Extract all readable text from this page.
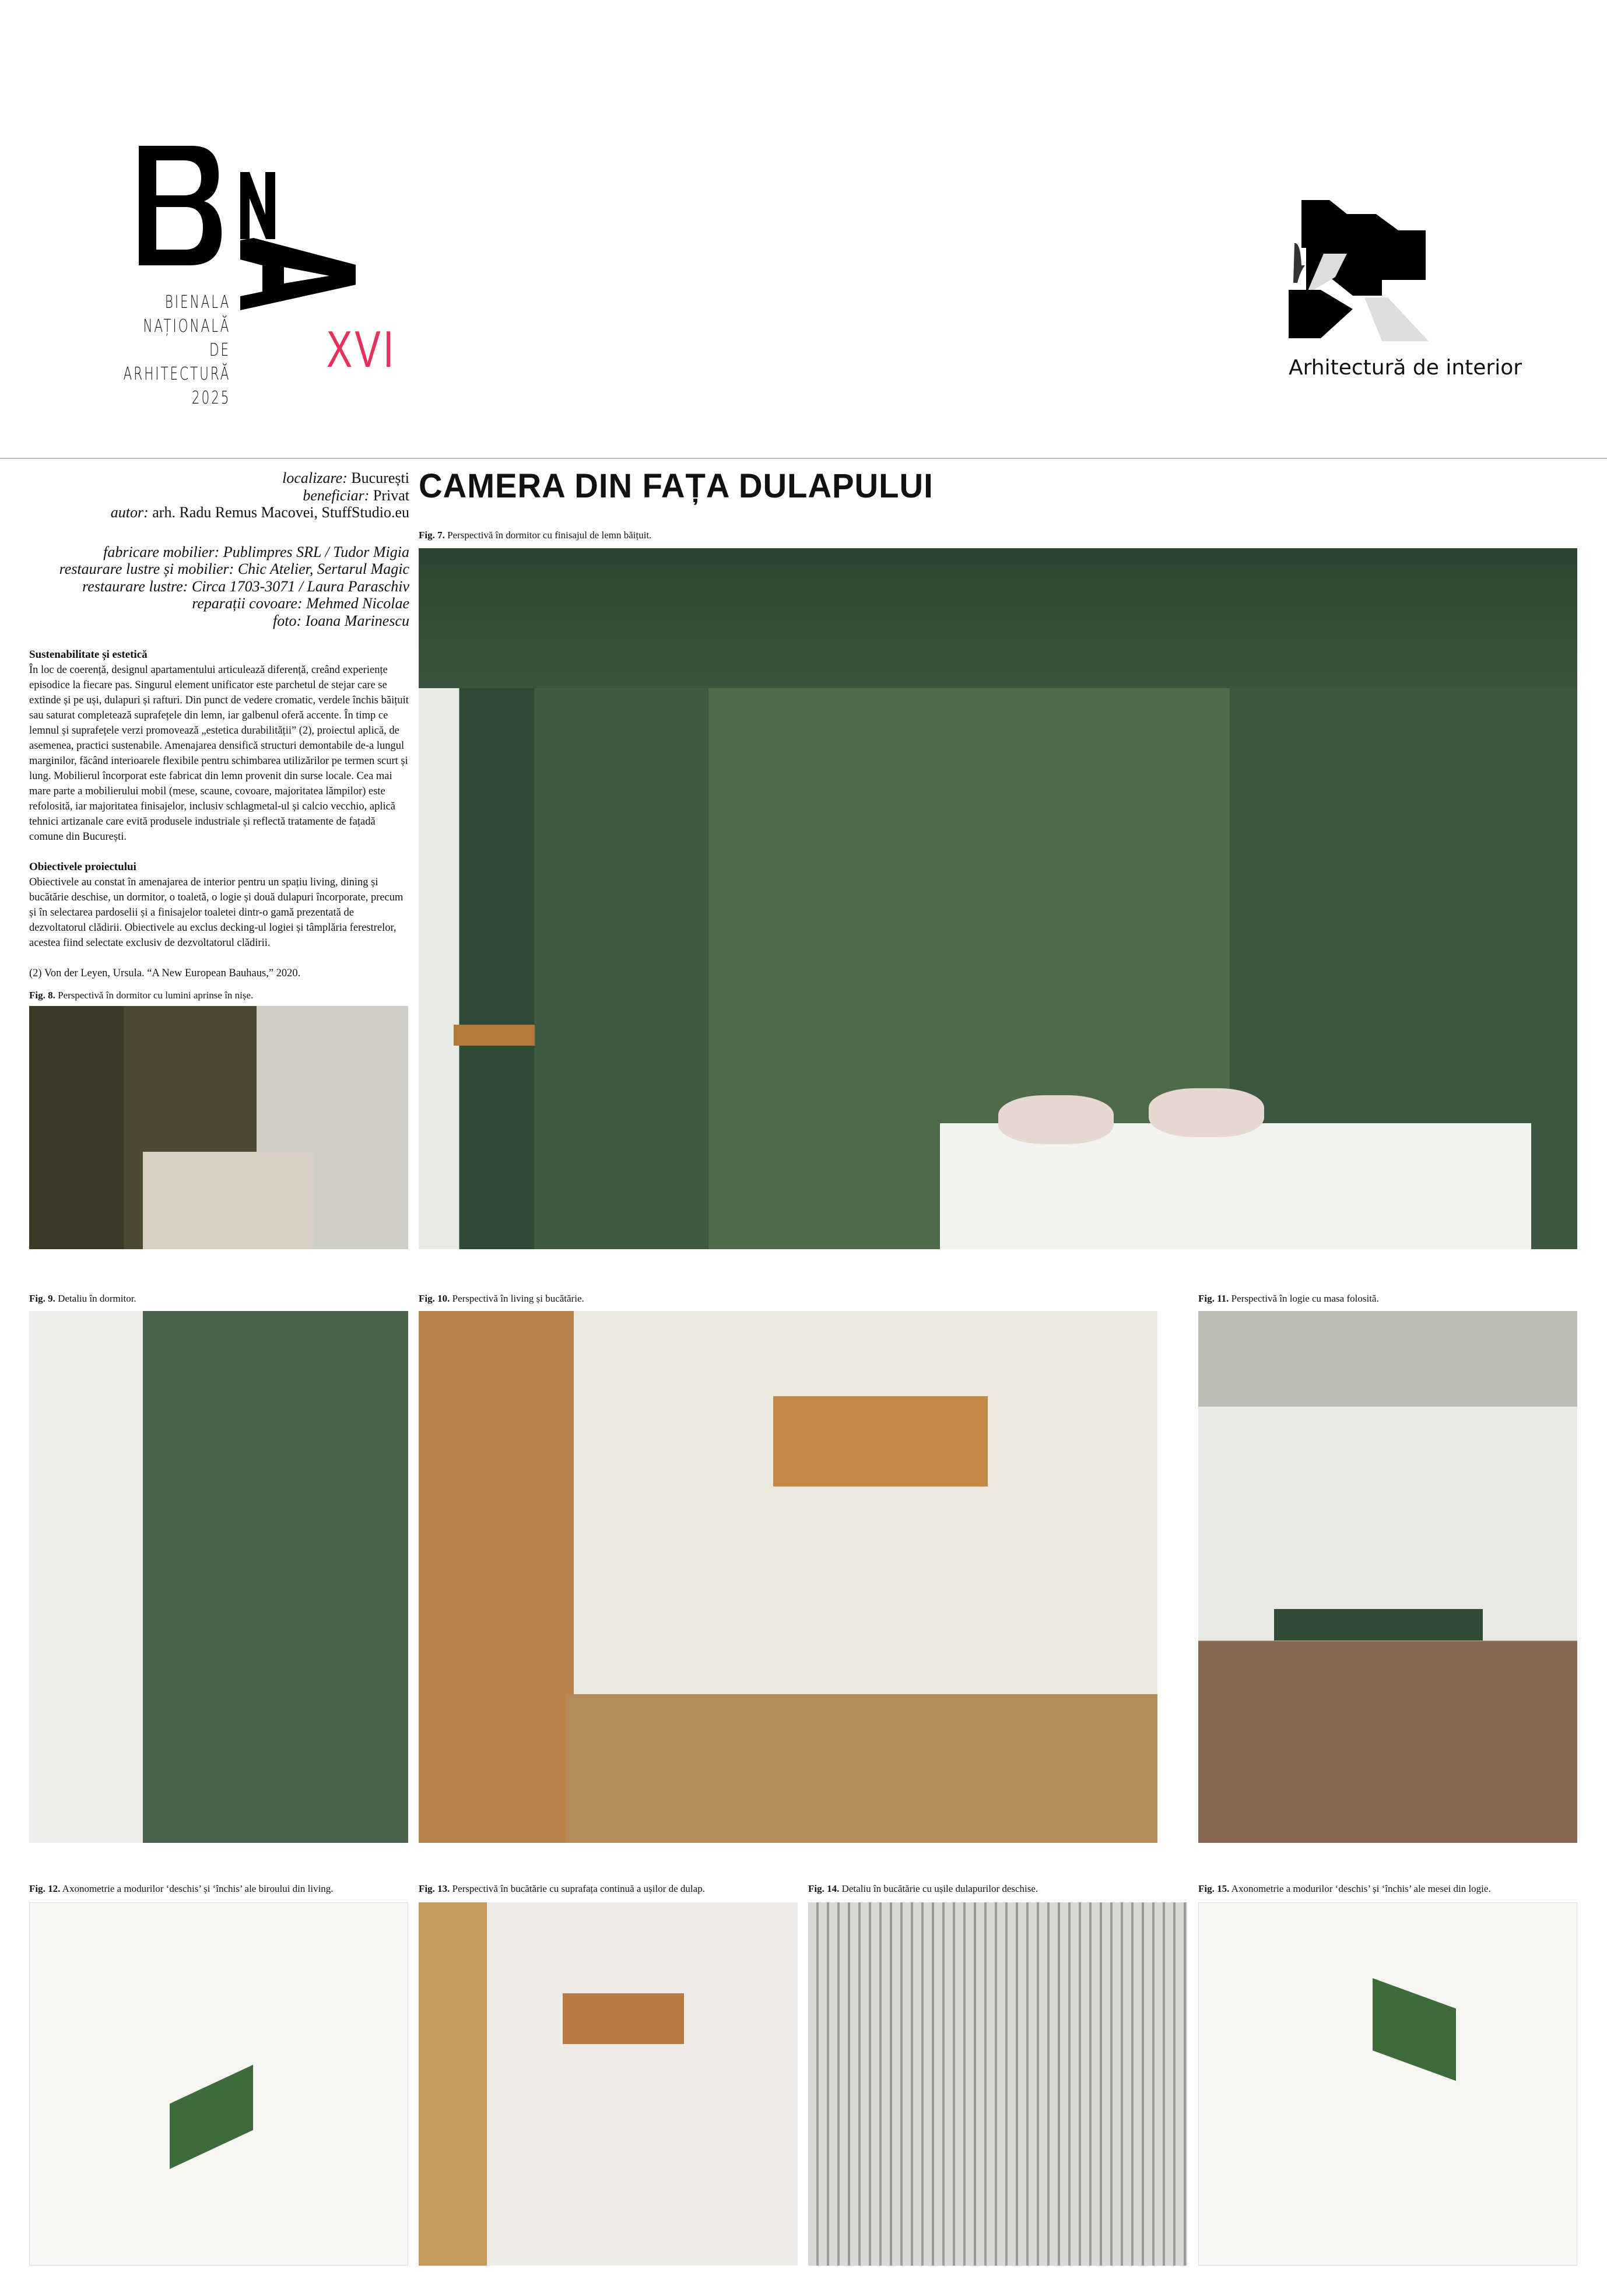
BIENALA
NAȚIONALĂ
DE
ARHITECTURĂ
2025
XVI	Arhitectură de interior
localizare: București
beneficiar: Privat
autor: arh. Radu Remus Macovei, StuffStudio.eu
fabricare mobilier: Publimpres SRL / Tudor Migia
restaurare lustre și mobilier: Chic Atelier, Sertarul Magic
restaurare lustre: Circa 1703-3071 / Laura Paraschiv
reparații covoare: Mehmed Nicolae
foto: Ioana Marinescu
Sustenabilitate și estetică

În loc de coerență, designul apartamentului articulează diferență, creând experiențe episodice la fiecare pas. Singurul element unificator este parchetul de stejar care se extinde și pe uși, dulapuri și rafturi. Din punct de vedere cromatic, verdele închis băițuit sau saturat completează suprafețele din lemn, iar galbenul oferă accente. În timp ce lemnul și suprafețele verzi promovează „estetica durabilității” (2), proiectul aplică, de asemenea, practici sustenabile. Amenajarea densifică structuri demontabile de-a lungul marginilor, făcând interioarele flexibile pentru schimbarea utilizărilor pe termen scurt și lung. Mobilierul încorporat este fabricat din lemn provenit din surse locale. Cea mai mare parte a mobilierului mobil (mese, scaune, covoare, majoritatea lămpilor) este refolosită, iar majoritatea finisajelor, inclusiv schlagmetal-ul și calcio vecchio, aplică tehnici artizanale care evită produsele industriale și reflectă tratamente de fațadă comune din București.

Obiectivele proiectului

Obiectivele au constat în amenajarea de interior pentru un spațiu living, dining și bucătărie deschise, un dormitor, o toaletă, o logie și două dulapuri încorporate, precum și în selectarea pardoselii și a finisajelor toaletei dintr-o gamă prezentată de dezvoltatorul clădirii. Obiectivele au exclus decking-ul logiei și tâmplăria ferestrelor, acestea fiind selectate exclusiv de dezvoltatorul clădirii.

(2) Von der Leyen, Ursula. “A New European Bauhaus,” 2020.

CAMERA DIN FAȚA DULAPULUI
Fig. 7. Perspectivă în dormitor cu finisajul de lemn băițuit.
Fig. 8. Perspectivă în dormitor cu lumini aprinse în nișe.
Fig. 9. Detaliu în dormitor.	Fig. 10. Perspectivă în living și bucătărie.	Fig. 11. Perspectivă în logie cu masa folosită.
Fig. 12. Axonometrie a modurilor ‘deschis’ și ‘închis’ ale biroului din living.	Fig. 13. Perspectivă în bucătărie cu suprafața continuă a ușilor de dulap.	Fig. 14. Detaliu în bucătărie cu ușile dulapurilor deschise.	Fig. 15. Axonometrie a modurilor ‘deschis’ și ‘închis’ ale mesei din logie.
